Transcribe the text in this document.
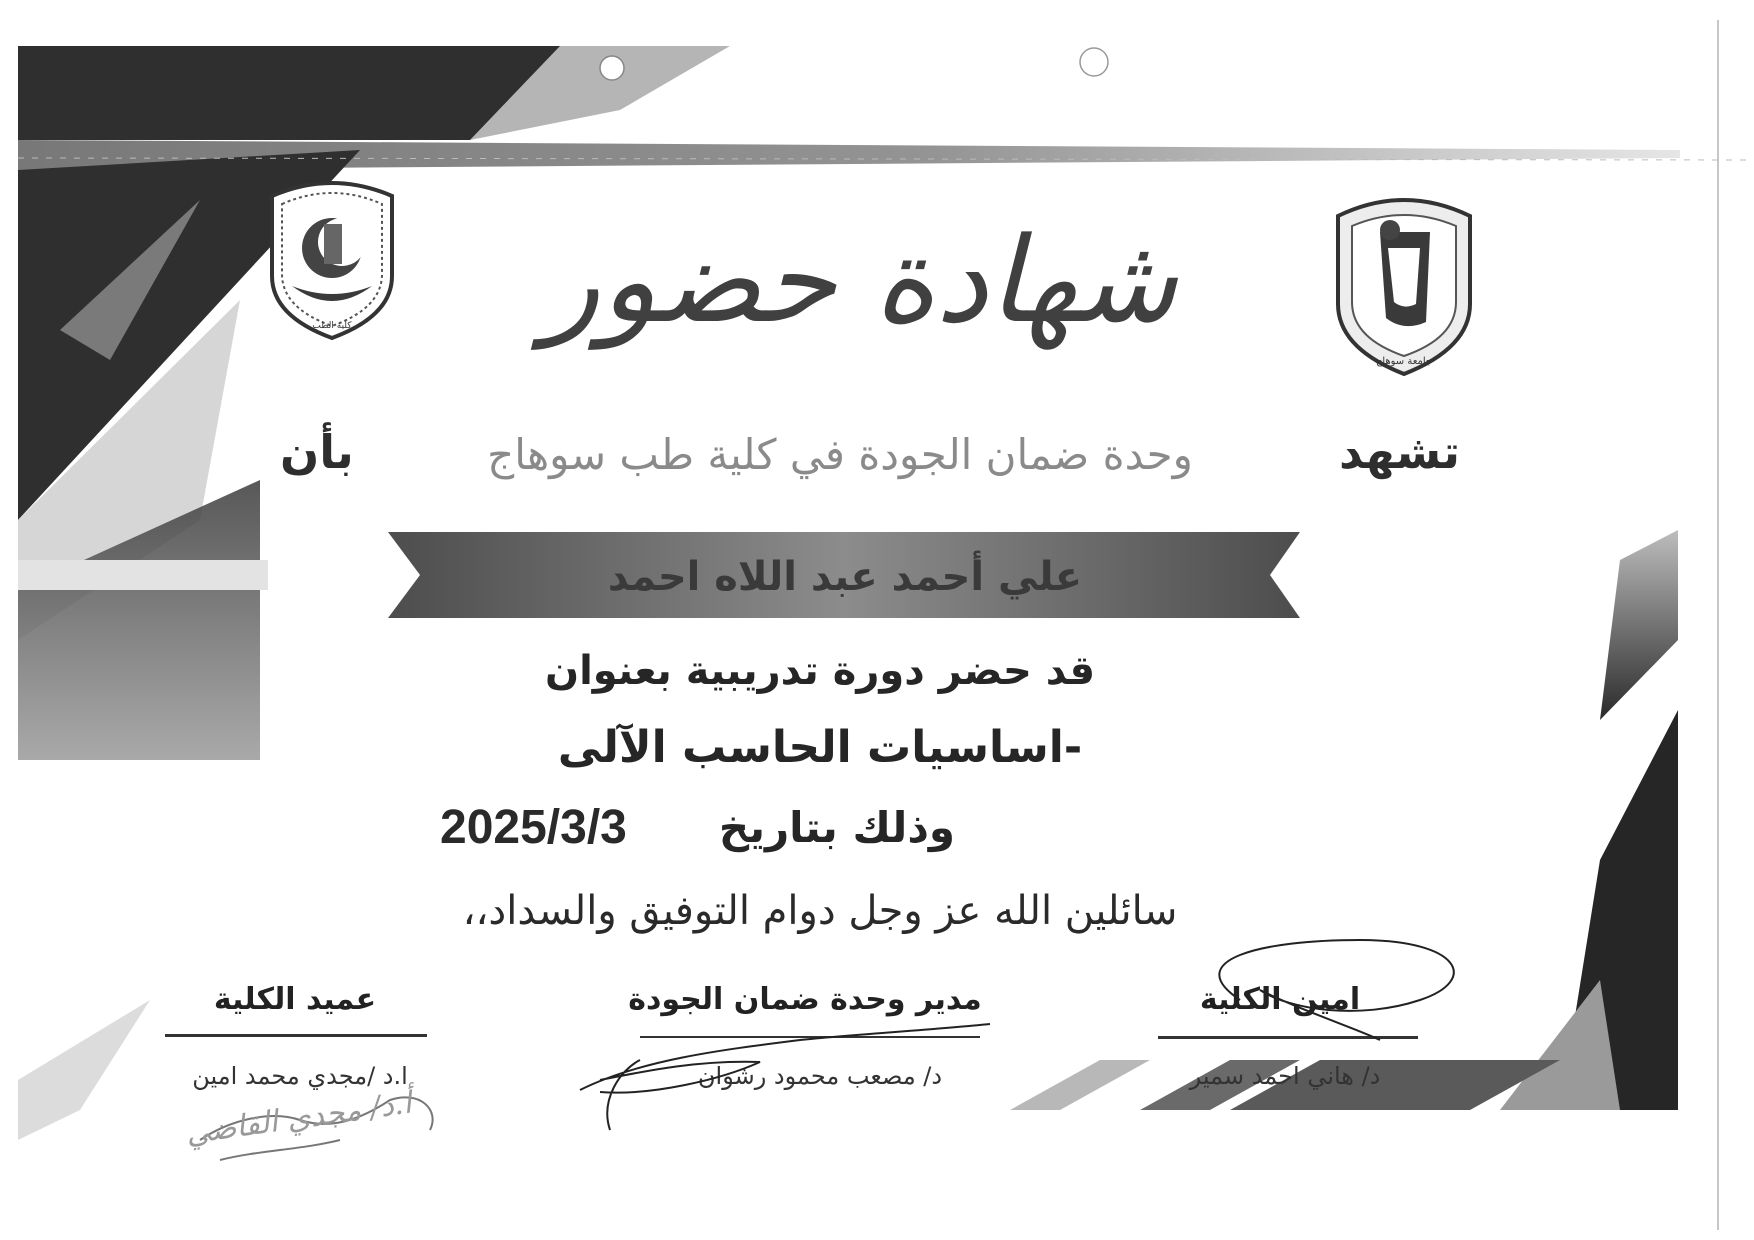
كلية الطب
جامعة سوهاج
شهادة حضور
تشهد
وحدة ضمان الجودة في كلية طب سوهاج
بأن
علي أحمد عبد اللاه احمد
قد حضر دورة تدريبية بعنوان
-اساسيات الحاسب الآلى
وذلك بتاريخ
2025/3/3
سائلين الله عز وجل دوام التوفيق والسداد،،
امين الكلية
د/ هاني احمد سمير
مدير وحدة ضمان الجودة
د/ مصعب محمود رشوان
عميد الكلية
ا.د /مجدي محمد امين
أ.د/ مجدي القاضي
